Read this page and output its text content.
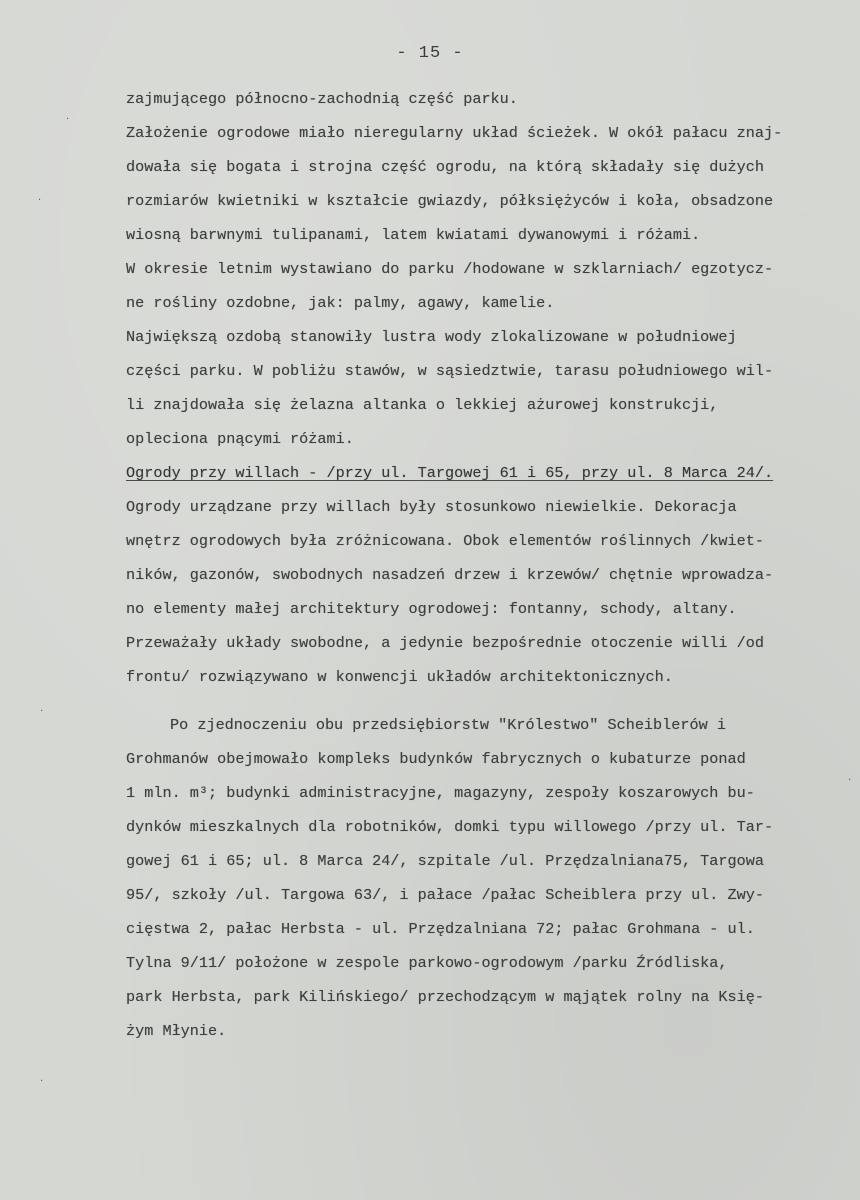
- 15 -
zajmującego północno-zachodnią część parku.
Założenie ogrodowe miało nieregularny układ ścieżek. W okół pałacu znaj-
dowała się bogata i strojna część ogrodu, na którą składały się dużych
rozmiarów kwietniki w kształcie gwiazdy, półksiężyców i koła, obsadzone
wiosną barwnymi tulipanami, latem kwiatami dywanowymi i różami.
W okresie letnim wystawiano do parku /hodowane w szklarniach/ egzotycz-
ne rośliny ozdobne, jak: palmy, agawy, kamelie.
Największą ozdobą stanowiły lustra wody zlokalizowane w południowej
części parku. W pobliżu stawów, w sąsiedztwie, tarasu południowego wil-
li znajdowała się żelazna altanka o lekkiej ażurowej konstrukcji,
opleciona pnącymi różami.
Ogrody przy willach - /przy ul. Targowej 61 i 65, przy ul. 8 Marca 24/.
Ogrody urządzane przy willach były stosunkowo niewielkie. Dekoracja
wnętrz ogrodowych była zróżnicowana. Obok elementów roślinnych /kwiet-
ników, gazonów, swobodnych nasadzeń drzew i krzewów/ chętnie wprowadza-
no elementy małej architektury ogrodowej: fontanny, schody, altany.
Przeważały układy swobodne, a jedynie bezpośrednie otoczenie willi /od
frontu/ rozwiązywano w konwencji układów architektonicznych.
Po zjednoczeniu obu przedsiębiorstw "Królestwo" Scheiblerów i
Grohmanów obejmowało kompleks budynków fabrycznych o kubaturze ponad
1 mln. m³; budynki administracyjne, magazyny, zespoły koszarowych bu-
dynków mieszkalnych dla robotników, domki typu willowego /przy ul. Tar-
gowej 61 i 65; ul. 8 Marca 24/, szpitale /ul. Przędzalniana75, Targowa
95/, szkoły /ul. Targowa 63/, i pałace /pałac Scheiblera przy ul. Zwy-
cięstwa 2, pałac Herbsta - ul. Przędzalniana 72; pałac Grohmana - ul.
Tylna 9/11/ położone w zespole parkowo-ogrodowym /parku Źródliska,
park Herbsta, park Kilińskiego/ przechodzącym w mąjątek rolny na Księ-
żym Młynie.
·
·
·
·
·
